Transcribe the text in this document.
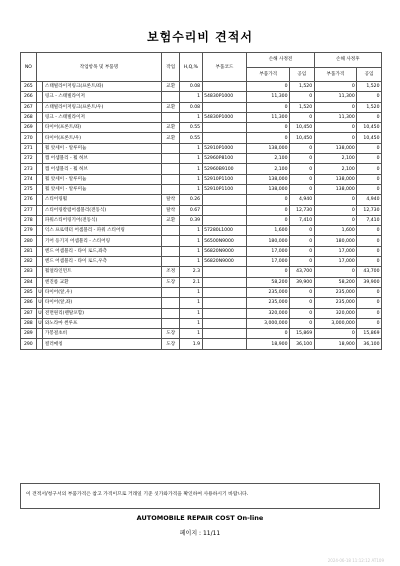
보험수리비 견적서
NO	작업항목 및 부품명		작업	H,Q,%	부품코드	손해 사정전		손해 사정후	
						부품가격	공임	부품가격	공임
265		스태빌라이저링크(프론트/좌)	교환	0.08		0	1,520	0	1,520
266		링크 - 스태빌라이저		1	54830P1000	11,300	0	11,300	0
267		스태빌라이저링크(프론트/우)	교환	0.08		0	1,520	0	1,520
268		링크 - 스태빌라이저		1	54830P1000	11,300	0	11,300	0
269		타이어(프론트/좌)	교환	0.55		0	10,450	0	10,450
270		타이어(프론트/우)	교환	0.55		0	10,450	0	10,450
271		휠 앗세이 - 알루미늄		1	52910P1000	138,000	0	138,000	0
272		캡 어셈블리 - 휠 허브		1	52960P8100	2,100	0	2,100	0
273		캡 어셈블리 - 휠 허브		1	52960B9100	2,100	0	2,100	0
274		휠 앗세이 - 알루미늄		1	52910P1100	138,000	0	138,000	0
275		휠 앗세이 - 알루미늄		1	52910P1100	138,000	0	138,000	0
276		스티어링휠	탈착	0.26		0	4,940	0	4,940
277		스티어링칼럼어셈블리(전동식)	탈착	0.67		0	12,730	0	12,730
278		파워스티어링기어(전동식)	교환	0.39		0	7,410	0	7,410
279		익스 프로텍터 어셈블리 - 파워 스티어링		1	57280L1000	1,600	0	1,600	0
280		기어 등기지 어셈블리 - 스티어링		1	56500N9000	180,000	0	180,000	0
281		엔드 어셈블리 - 타이 로드,좌측		1	56820N9000	17,000	0	17,000	0
282		엔드 어셈블리 - 타이 로드,우측		1	56820N9000	17,000	0	17,000	0
283		휠얼라인먼트	조정	2.3		0	43,700	0	43,700
284		엔진룸 교환	도장	2.1		58,200	39,900	58,200	39,900
285	U	타이어(앞,우)		1		235,000	0	235,000	0
286	U	타이어(앞,좌)		1		235,000	0	235,000	0
287	U	전면원리(렌탈포함)		1		320,000	0	320,000	0
288	U	와노라마 썬루프		1		3,000,000	0	3,000,000	0
289		가봉걸초비	도장	1		0	15,869	0	15,869
290		컬러매칭	도장	1.9		18,900	36,100	18,900	36,100
이 견적서/청구서의 부품가격은 참고 가격이므로 거래일 기준 싯가와가격을 확인하여 사용하시기 바랍니다.
AUTOMOBILE REPAIR COST On-line
페이지 : 11/11
2024-06-18 11:12:12 AT109
